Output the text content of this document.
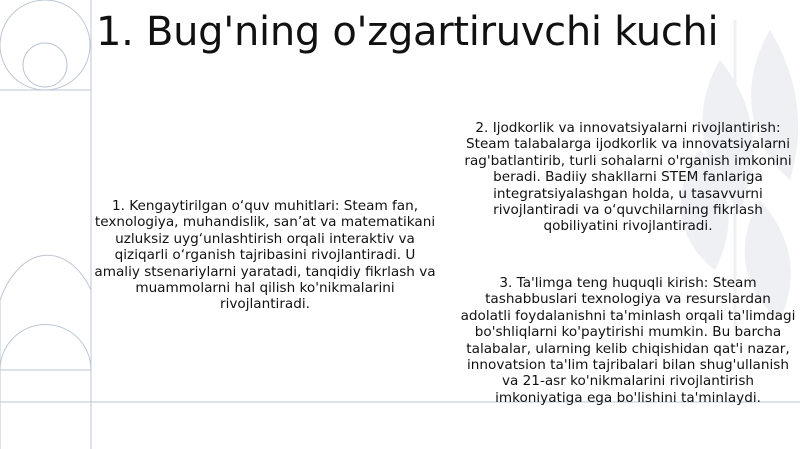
1. Bug'ning o'zgartiruvchi kuchi
1. Kengaytirilgan o‘quv muhitlari: Steam fan, texnologiya, muhandislik, san’at va matematikani uzluksiz uyg‘unlashtirish orqali interaktiv va qiziqarli o‘rganish tajribasini rivojlantiradi. U amaliy stsenariylarni yaratadi, tanqidiy fikrlash va muammolarni hal qilish ko'nikmalarini rivojlantiradi.
2. Ijodkorlik va innovatsiyalarni rivojlantirish: Steam talabalarga ijodkorlik va innovatsiyalarni rag'batlantirib, turli sohalarni o'rganish imkonini beradi. Badiiy shakllarni STEM fanlariga integratsiyalashgan holda, u tasavvurni rivojlantiradi va o‘quvchilarning fikrlash qobiliyatini rivojlantiradi.
3. Ta'limga teng huquqli kirish: Steam tashabbuslari texnologiya va resurslardan adolatli foydalanishni ta'minlash orqali ta'limdagi bo'shliqlarni ko'paytirishi mumkin. Bu barcha talabalar, ularning kelib chiqishidan qat'i nazar, innovatsion ta'lim tajribalari bilan shug'ullanish va 21-asr ko'nikmalarini rivojlantirish imkoniyatiga ega bo'lishini ta'minlaydi.
